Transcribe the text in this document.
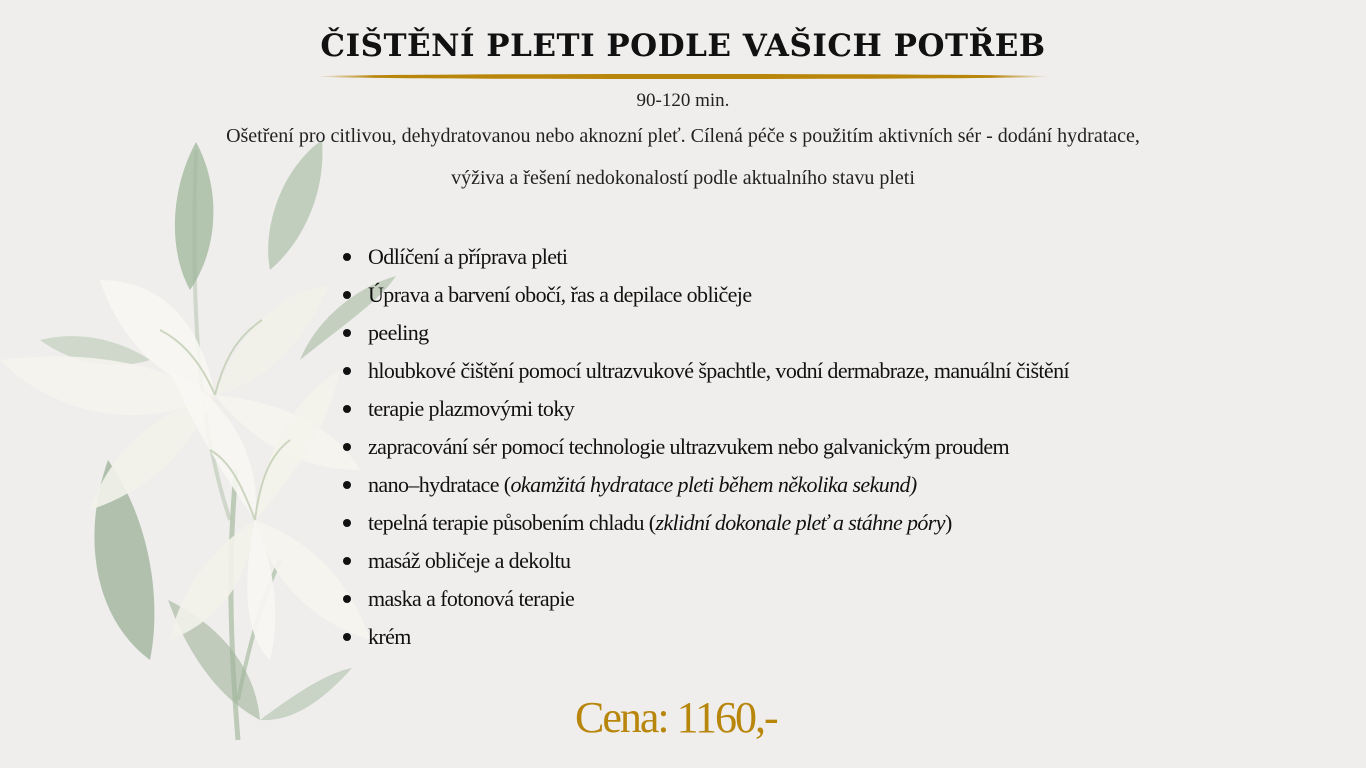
ČIŠTĚNÍ PLETI PODLE VAŠICH POTŘEB
90-120 min.
Ošetření pro citlivou, dehydratovanou nebo aknozní pleť. Cílená péče s použitím aktivních sér - dodání hydratace, výživa a řešení nedokonalostí podle aktualního stavu pleti
Odlíčení a příprava pleti
Úprava a barvení obočí, řas a depilace obličeje
peeling
hloubkové čištění pomocí ultrazvukové špachtle, vodní dermabraze, manuální čištění
terapie plazmovými toky
zapracování sér pomocí technologie ultrazvukem nebo galvanickým proudem
nano–hydratace (okamžitá hydratace pleti během několika sekund)
tepelná terapie působením chladu (zklidní dokonale pleť a stáhne póry)
masáž obličeje a dekoltu
maska a fotonová terapie
krém
Cena: 1160,-
